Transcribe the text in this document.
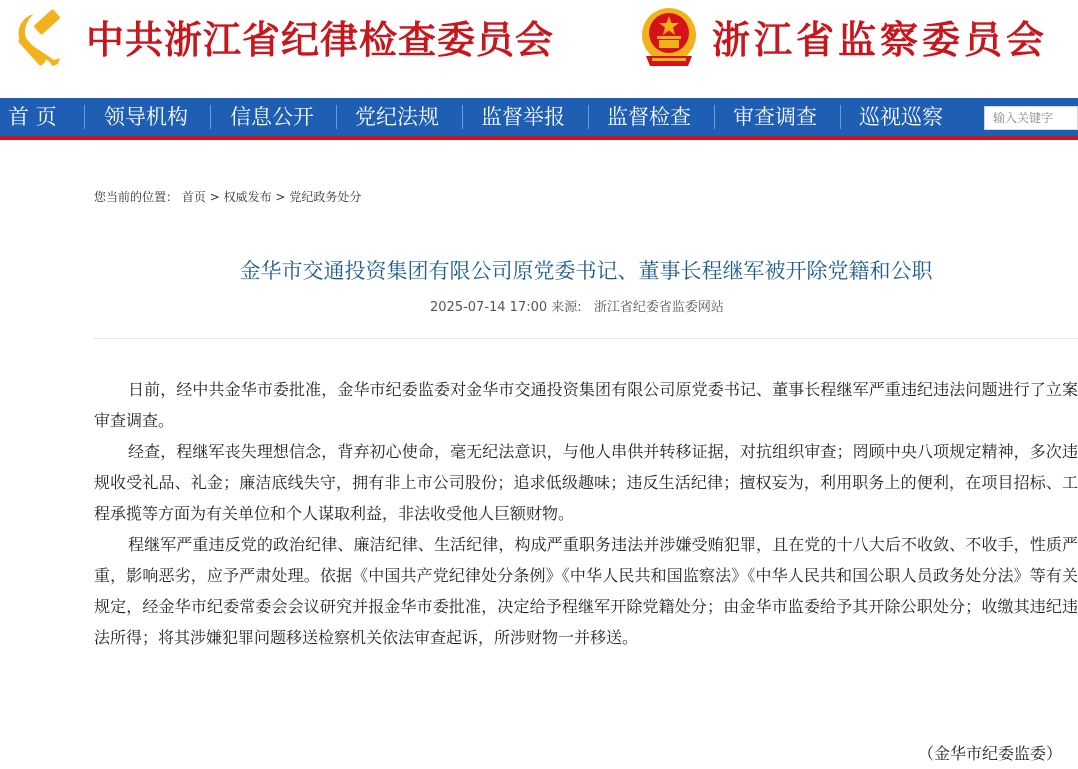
中共浙江省纪律检查委员会	浙江省监察委员会
首 页 领导机构 信息公开 党纪法规 监督举报 监督检查 审查调查 巡视巡察
输入关键字
您当前的位置： 首页 > 权威发布 > 党纪政务处分
金华市交通投资集团有限公司原党委书记、董事长程继军被开除党籍和公职
2025-07-14 17:00 来源: 浙江省纪委省监委网站

日前，经中共金华市委批准，金华市纪委监委对金华市交通投资集团有限公司原党委书记、董事长程继军严重违纪违法问题进行了立案审查调查。

经查，程继军丧失理想信念，背弃初心使命，毫无纪法意识，与他人串供并转移证据，对抗组织审查；罔顾中央八项规定精神，多次违规收受礼品、礼金；廉洁底线失守，拥有非上市公司股份；追求低级趣味；违反生活纪律；擅权妄为，利用职务上的便利，在项目招标、工程承揽等方面为有关单位和个人谋取利益，非法收受他人巨额财物。

程继军严重违反党的政治纪律、廉洁纪律、生活纪律，构成严重职务违法并涉嫌受贿犯罪，且在党的十八大后不收敛、不收手，性质严重，影响恶劣，应予严肃处理。依据《中国共产党纪律处分条例》《中华人民共和国监察法》《中华人民共和国公职人员政务处分法》等有关规定，经金华市纪委常委会会议研究并报金华市委批准，决定给予程继军开除党籍处分；由金华市监委给予其开除公职处分；收缴其违纪违法所得；将其涉嫌犯罪问题移送检察机关依法审查起诉，所涉财物一并移送。

（金华市纪委监委）
